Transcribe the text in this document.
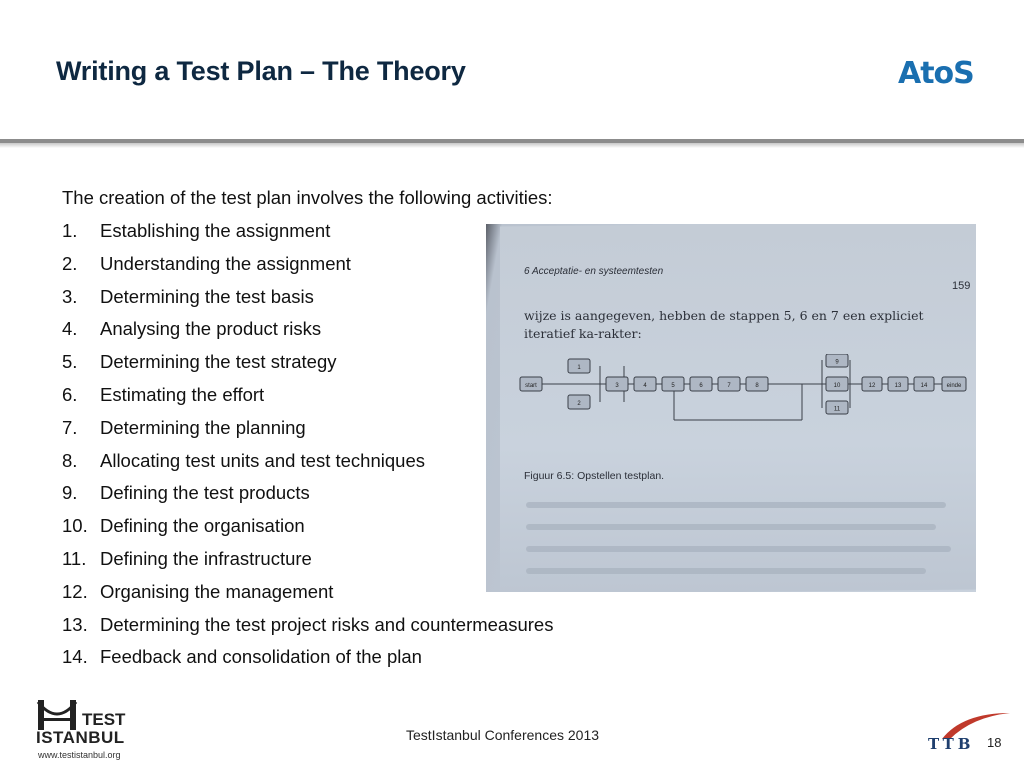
Writing a Test Plan – The Theory	AtoS
The creation of the test plan involves the following activities:
1.	Establishing the assignment
2.	Understanding the assignment
3.	Determining the test basis
4.	Analysing the product risks
5.	Determining the test strategy
6.	Estimating the effort
7.	Determining the planning
8.	Allocating test units and test techniques
9.	Defining the test products
10. Defining the organisation
11. Defining the infrastructure
12. Organising the management
13. Determining the test project risks and countermeasures
14. Feedback and consolidation of the plan
6 Acceptatie- en systeemtesten
159
wijze is aangegeven, hebben de stappen 5, 6 en 7 een expliciet iteratief ka-rakter:
start
1
2
3	4	5	6	7	8
9
10
11
12	13	14	einde
Figuur 6.5: Opstellen testplan.
TEST
ISTANBUL
www.testistanbul.org
TestIstanbul Conferences 2013	TTB 18
